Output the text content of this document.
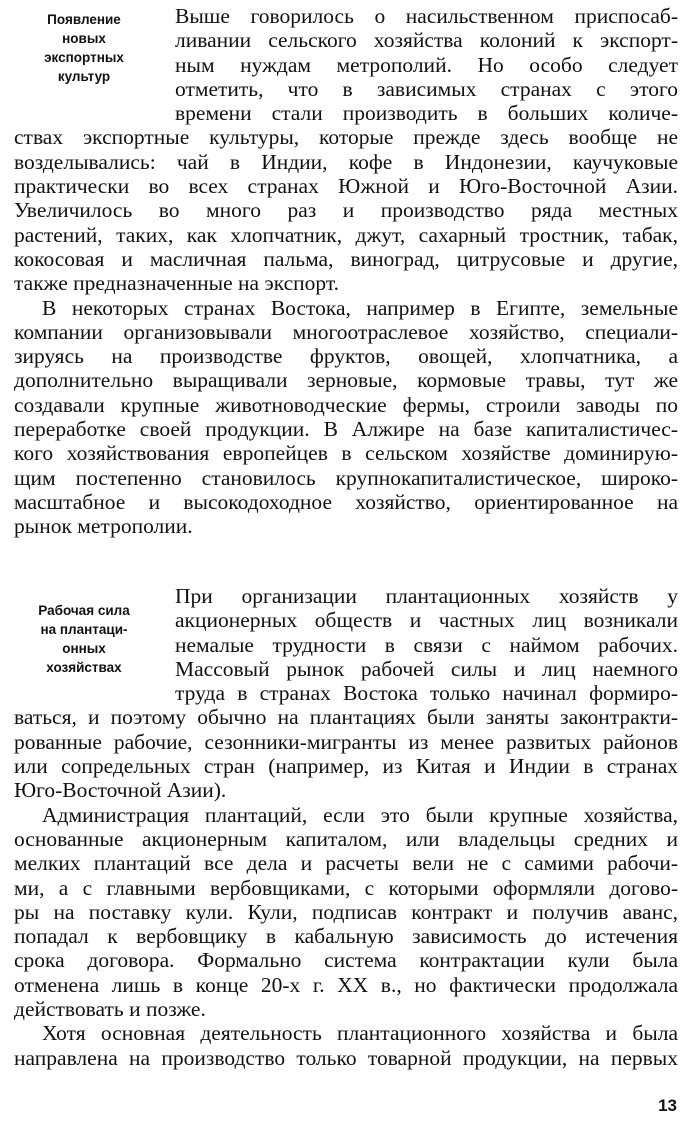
Появление
новых
экспортных
культур
Выше говорилось о насильственном приспосаб-
ливании сельского хозяйства колоний к экспорт-
ным нуждам метрополий. Но особо следует
отметить, что в зависимых странах с этого
времени стали производить в больших количе-
ствах экспортные культуры, которые прежде здесь вообще не
возделывались: чай в Индии, кофе в Индонезии, каучуковые
практически во всех странах Южной и Юго-Восточной Азии.
Увеличилось во много раз и производство ряда местных
растений, таких, как хлопчатник, джут, сахарный тростник, табак,
кокосовая и масличная пальма, виноград, цитрусовые и другие,
также предназначенные на экспорт.
В некоторых странах Востока, например в Египте, земельные
компании организовывали многоотраслевое хозяйство, специали-
зируясь на производстве фруктов, овощей, хлопчатника, а
дополнительно выращивали зерновые, кормовые травы, тут же
создавали крупные животноводческие фермы, строили заводы по
переработке своей продукции. В Алжире на базе капиталистичес-
кого хозяйствования европейцев в сельском хозяйстве доминирую-
щим постепенно становилось крупнокапиталистическое, широко-
масштабное и высокодоходное хозяйство, ориентированное на
рынок метрополии.
Рабочая сила
на плантаци-
онных
хозяйствах
При организации плантационных хозяйств у
акционерных обществ и частных лиц возникали
немалые трудности в связи с наймом рабочих.
Массовый рынок рабочей силы и лиц наемного
труда в странах Востока только начинал формиро-
ваться, и поэтому обычно на плантациях были заняты законтракти-
рованные рабочие, сезонники-мигранты из менее развитых районов
или сопредельных стран (например, из Китая и Индии в странах
Юго-Восточной Азии).
Администрация плантаций, если это были крупные хозяйства,
основанные акционерным капиталом, или владельцы средних и
мелких плантаций все дела и расчеты вели не с самими рабочи-
ми, а с главными вербовщиками, с которыми оформляли догово-
ры на поставку кули. Кули, подписав контракт и получив аванс,
попадал к вербовщику в кабальную зависимость до истечения
срока договора. Формально система контрактации кули была
отменена лишь в конце 20-х г. XX в., но фактически продолжала
действовать и позже.
Хотя основная деятельность плантационного хозяйства и была
направлена на производство только товарной продукции, на первых
13
